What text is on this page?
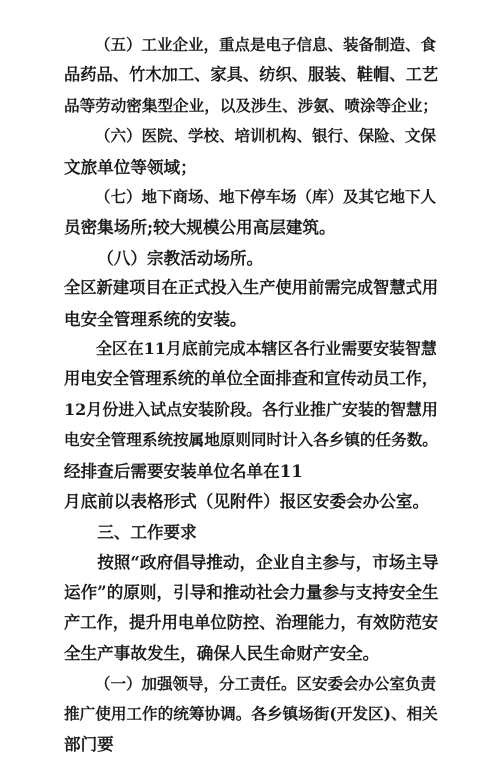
（五）工业企业，重点是电子信息、装备制造、食
品药品、竹木加工、家具、纺织、服装、鞋帽、工艺
品等劳动密集型企业，以及涉生、涉氨、喷涂等企业；
（六）医院、学校、培训机构、银行、保险、文保
文旅单位等领域；
（七）地下商场、地下停车场（库）及其它地下人
员密集场所;较大规模公用高层建筑。
（八）宗教活动场所。
全区新建项目在正式投入生产使用前需完成智慧式用
电安全管理系统的安装。
全区在11月底前完成本辖区各行业需要安装智慧
用电安全管理系统的单位全面排查和宣传动员工作，
12月份进入试点安装阶段。各行业推广安装的智慧用
电安全管理系统按属地原则同时计入各乡镇的任务数。
经排查后需要安装单位名单在11
月底前以表格形式（见附件）报区安委会办公室。
三、工作要求
按照“政府倡导推动，企业自主参与，市场主导
运作”的原则，引导和推动社会力量参与支持安全生
产工作，提升用电单位防控、治理能力，有效防范安
全生产事故发生，确保人民生命财产安全。
（一）加强领导，分工责任。区安委会办公室负责
推广使用工作的统筹协调。各乡镇场街(开发区)、相关
部门要
